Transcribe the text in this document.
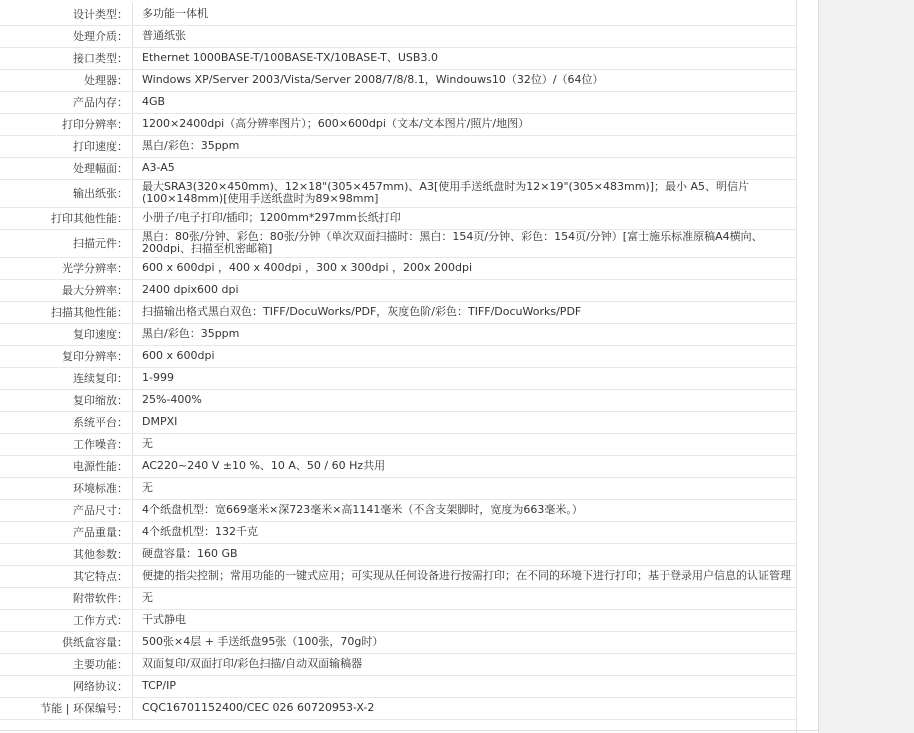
设计类型：	多功能一体机
处理介质：	普通纸张
接口类型：	Ethernet 1000BASE-T/100BASE-TX/10BASE-T、USB3.0
处理器：	Windows XP/Server 2003/Vista/Server 2008/7/8/8.1，Windouws10（32位）/（64位）
产品内存：	4GB
打印分辨率：	1200×2400dpi（高分辨率图片）；600×600dpi（文本/文本图片/照片/地图）
打印速度：	黑白/彩色：35ppm
处理幅面：	A3-A5
输出纸张：	最大SRA3(320×450mm)、12×18"(305×457mm)、A3[使用手送纸盘时为12×19"(305×483mm)]；最小 A5、明信片(100×148mm)[使用手送纸盘时为89×98mm]
打印其他性能：	小册子/电子打印/插印；1200mm*297mm长纸打印
扫描元件：	黑白：80张/分钟、彩色：80张/分钟（单次双面扫描时：黑白：154页/分钟、彩色：154页/分钟）[富士施乐标准原稿A4横向、200dpi、扫描至机密邮箱]
光学分辨率：	600 x 600dpi ，400 x 400dpi ，300 x 300dpi ，200x 200dpi
最大分辨率：	2400 dpix600 dpi
扫描其他性能：	扫描输出格式黑白双色：TIFF/DocuWorks/PDF，灰度色阶/彩色：TIFF/DocuWorks/PDF
复印速度：	黑白/彩色：35ppm
复印分辨率：	600 x 600dpi
连续复印：	1-999
复印缩放：	25%-400%
系统平台：	DMPXI
工作噪音：	无
电源性能：	AC220~240 V ±10 %、10 A、50 / 60 Hz共用
环境标准：	无
产品尺寸：	4个纸盘机型：宽669毫米×深723毫米×高1141毫米（不含支架脚时，宽度为663毫米。）
产品重量：	4个纸盘机型：132千克
其他参数：	硬盘容量：160 GB
其它特点：	便捷的指尖控制；常用功能的一键式应用；可实现从任何设备进行按需打印；在不同的环境下进行打印；基于登录用户信息的认证管理
附带软件：	无
工作方式：	干式静电
供纸盒容量：	500张×4层 + 手送纸盘95张（100张，70g时）
主要功能：	双面复印/双面打印/彩色扫描/自动双面输稿器
网络协议：	TCP/IP
节能 | 环保编号：	CQC16701152400/CEC 026 60720953-X-2
